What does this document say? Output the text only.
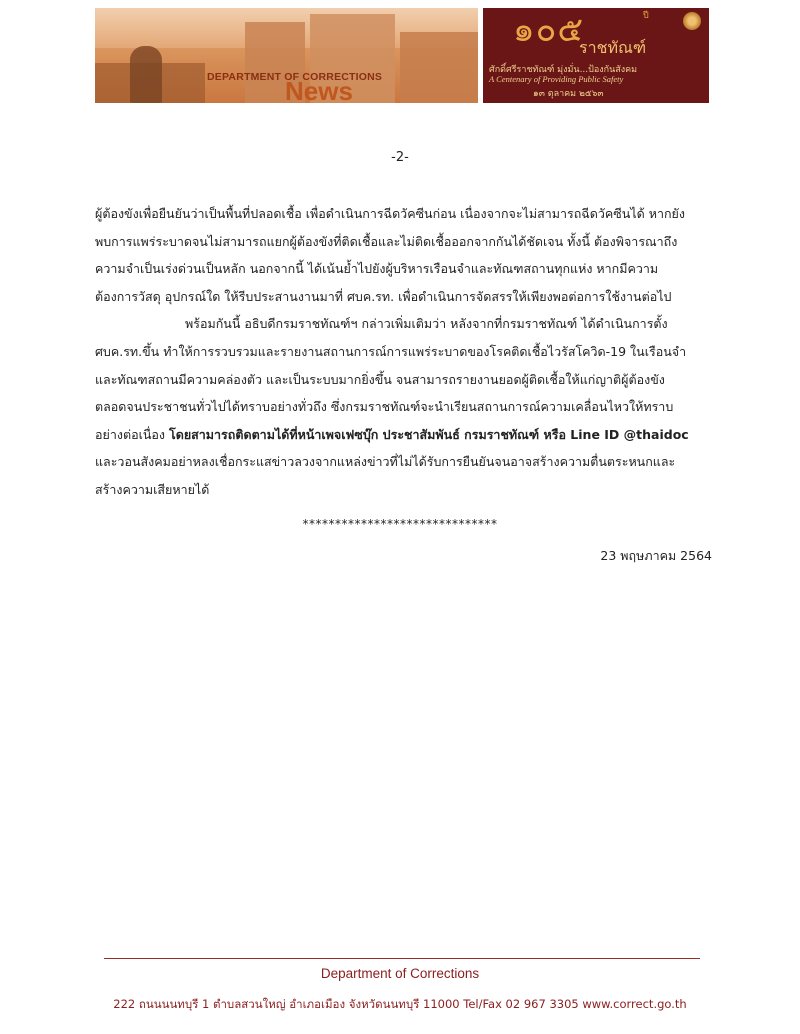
DEPARTMENT OF CORRECTIONS
News
๑๐๕	ปี
ราชทัณฑ์
ศักดิ์ศรีราชทัณฑ์ มุ่งมั่น...ป้องกันสังคม
A Centenary of Providing Public Safety
๑๓ ตุลาคม ๒๕๖๓
-2-
ผู้ต้องขังเพื่อยืนยันว่าเป็นพื้นที่ปลอดเชื้อ เพื่อดำเนินการฉีดวัคซีนก่อน เนื่องจากจะไม่สามารถฉีดวัคซีนได้ หากยัง
พบการแพร่ระบาดจนไม่สามารถแยกผู้ต้องขังที่ติดเชื้อและไม่ติดเชื้อออกจากกันได้ชัดเจน ทั้งนี้ ต้องพิจารณาถึง
ความจำเป็นเร่งด่วนเป็นหลัก นอกจากนี้ ได้เน้นย้ำไปยังผู้บริหารเรือนจำและทัณฑสถานทุกแห่ง หากมีความ
ต้องการวัสดุ อุปกรณ์ใด ให้รีบประสานงานมาที่ ศบค.รท. เพื่อดำเนินการจัดสรรให้เพียงพอต่อการใช้งานต่อไป
พร้อมกันนี้ อธิบดีกรมราชทัณฑ์ฯ กล่าวเพิ่มเติมว่า หลังจากที่กรมราชทัณฑ์ ได้ดำเนินการตั้ง
ศบค.รท.ขึ้น ทำให้การรวบรวมและรายงานสถานการณ์การแพร่ระบาดของโรคติดเชื้อไวรัสโควิด-19 ในเรือนจำ
และทัณฑสถานมีความคล่องตัว และเป็นระบบมากยิ่งขึ้น จนสามารถรายงานยอดผู้ติดเชื้อให้แก่ญาติผู้ต้องขัง
ตลอดจนประชาชนทั่วไปได้ทราบอย่างทั่วถึง ซึ่งกรมราชทัณฑ์จะนำเรียนสถานการณ์ความเคลื่อนไหวให้ทราบ
อย่างต่อเนื่อง โดยสามารถติดตามได้ที่หน้าเพจเฟซบุ๊ก ประชาสัมพันธ์ กรมราชทัณฑ์ หรือ Line ID @thaidoc
และวอนสังคมอย่าหลงเชื่อกระแสข่าวลวงจากแหล่งข่าวที่ไม่ได้รับการยืนยันจนอาจสร้างความตื่นตระหนกและ
สร้างความเสียหายได้
******************************
23 พฤษภาคม 2564
Department of Corrections
222 ถนนนนทบุรี 1 ตำบลสวนใหญ่ อำเภอเมือง จังหวัดนนทบุรี 11000 Tel/Fax 02 967 3305 www.correct.go.th
